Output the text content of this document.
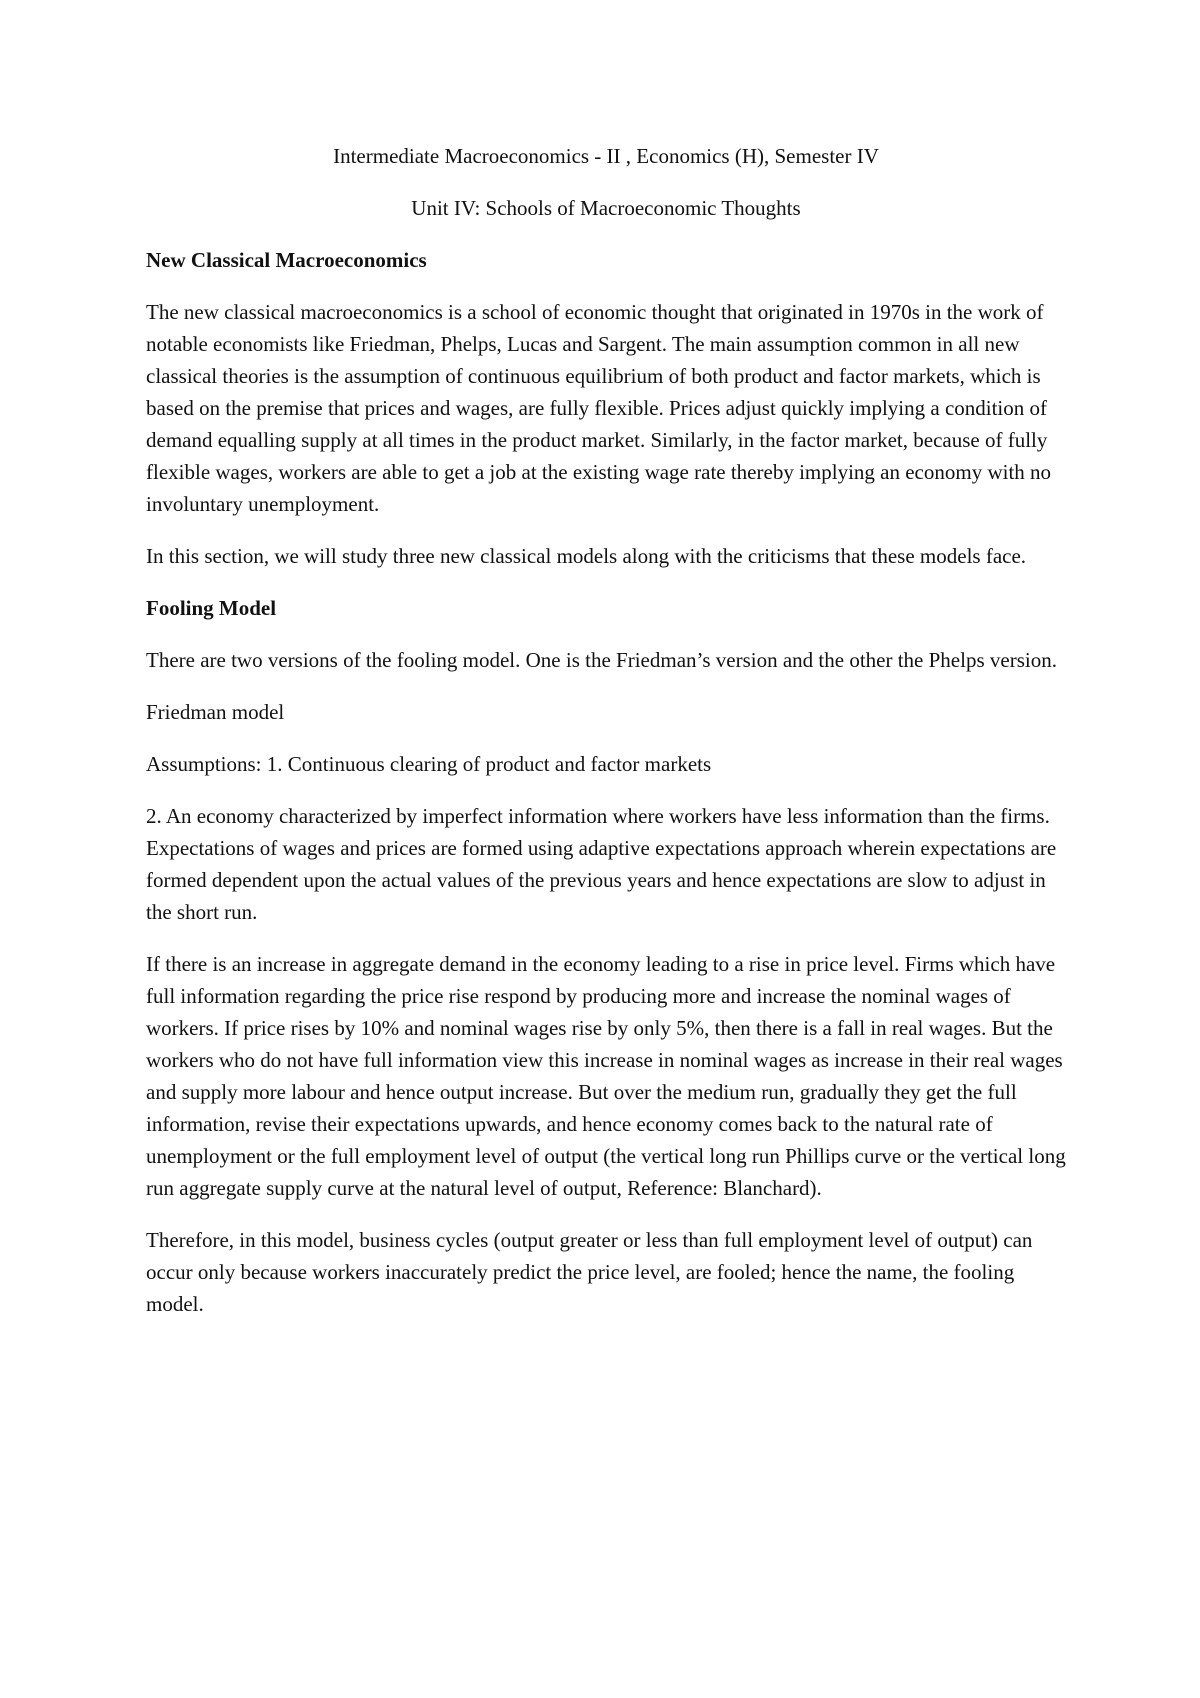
Intermediate Macroeconomics - II , Economics (H), Semester IV
Unit IV: Schools of Macroeconomic Thoughts
New Classical Macroeconomics

The new classical macroeconomics is a school of economic thought that originated in 1970s in the work of notable economists like Friedman, Phelps, Lucas and Sargent. The main assumption common in all new classical theories is the assumption of continuous equilibrium of both product and factor markets, which is based on the premise that prices and wages, are fully flexible. Prices adjust quickly implying a condition of demand equalling supply at all times in the product market. Similarly, in the factor market, because of fully flexible wages, workers are able to get a job at the existing wage rate thereby implying an economy with no involuntary unemployment.

In this section, we will study three new classical models along with the criticisms that these models face.

Fooling Model

There are two versions of the fooling model. One is the Friedman’s version and the other the Phelps version.

Friedman model

Assumptions: 1. Continuous clearing of product and factor markets

2. An economy characterized by imperfect information where workers have less information than the firms. Expectations of wages and prices are formed using adaptive expectations approach wherein expectations are formed dependent upon the actual values of the previous years and hence expectations are slow to adjust in the short run.

If there is an increase in aggregate demand in the economy leading to a rise in price level. Firms which have full information regarding the price rise respond by producing more and increase the nominal wages of workers. If price rises by 10% and nominal wages rise by only 5%, then there is a fall in real wages. But the workers who do not have full information view this increase in nominal wages as increase in their real wages and supply more labour and hence output increase. But over the medium run, gradually they get the full information, revise their expectations upwards, and hence economy comes back to the natural rate of unemployment or the full employment level of output (the vertical long run Phillips curve or the vertical long run aggregate supply curve at the natural level of output, Reference: Blanchard).

Therefore, in this model, business cycles (output greater or less than full employment level of output) can occur only because workers inaccurately predict the price level, are fooled; hence the name, the fooling model.
